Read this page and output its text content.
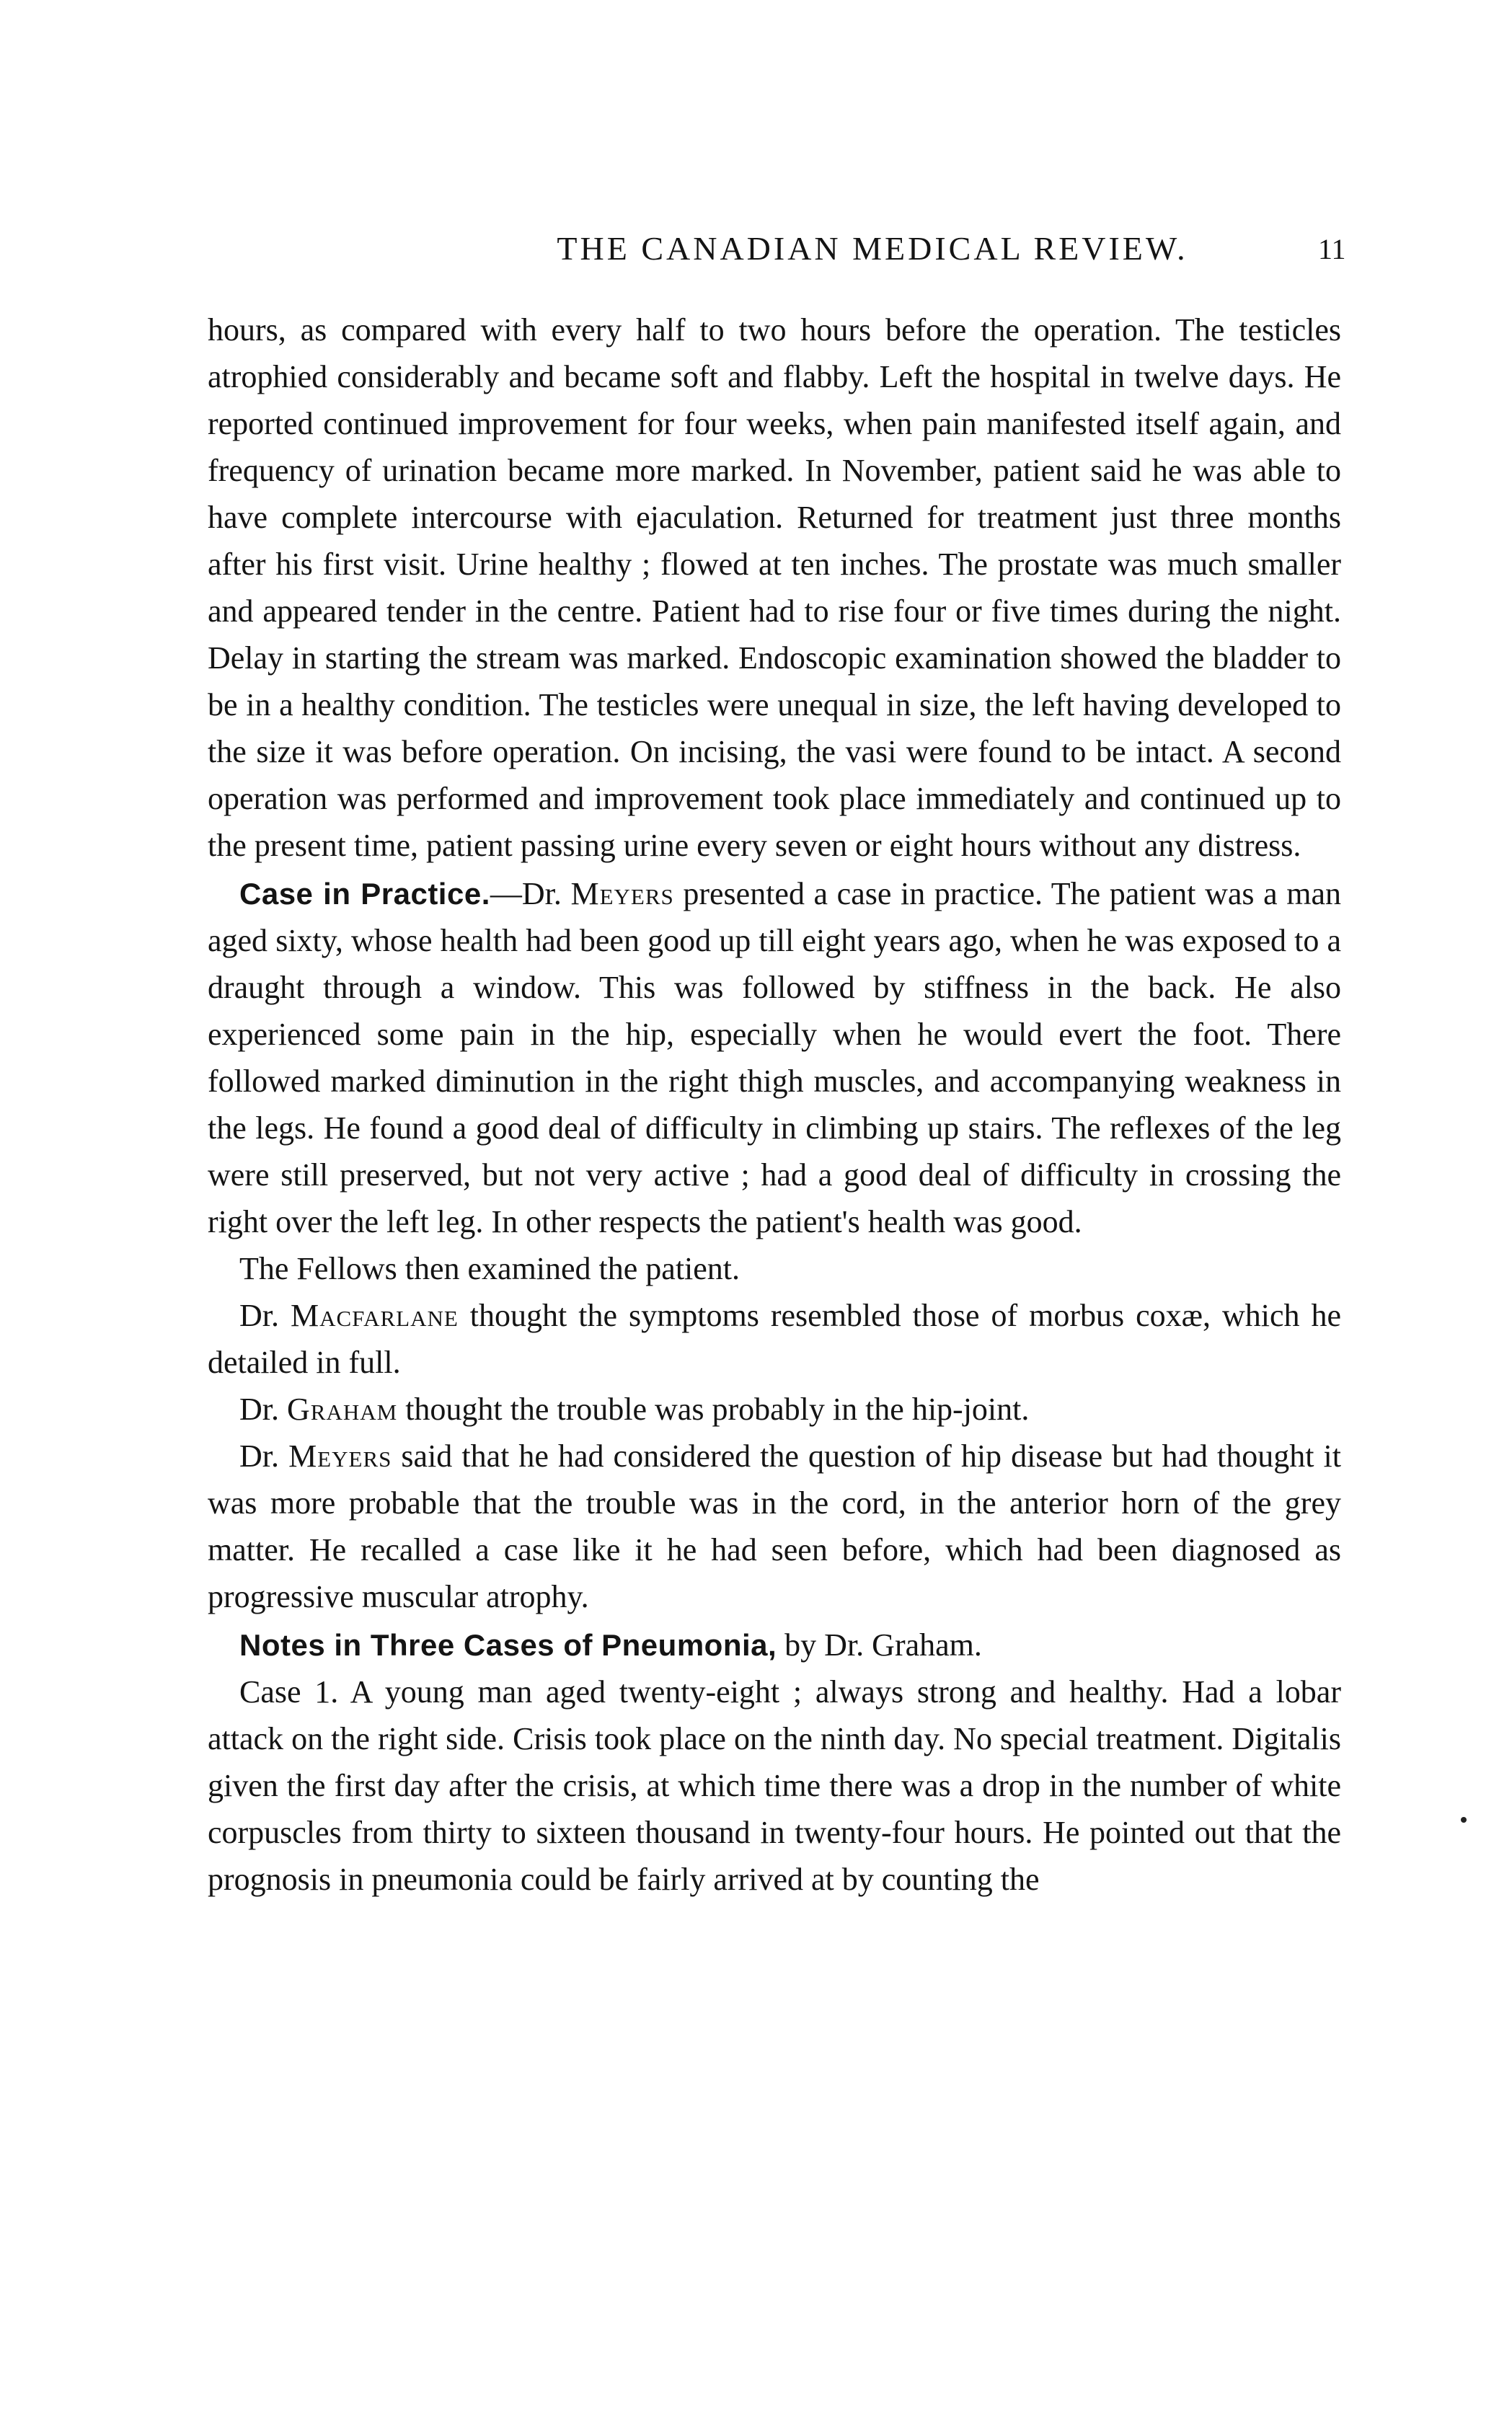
THE CANADIAN MEDICAL REVIEW.	11

hours, as compared with every half to two hours before the operation. The testicles atrophied considerably and became soft and flabby. Left the hospital in twelve days. He reported continued improvement for four weeks, when pain manifested itself again, and frequency of urination became more marked. In November, patient said he was able to have complete intercourse with ejaculation. Returned for treatment just three months after his first visit. Urine healthy ; flowed at ten inches. The prostate was much smaller and appeared tender in the centre. Patient had to rise four or five times during the night. Delay in starting the stream was marked. Endoscopic examination showed the bladder to be in a healthy condition. The testicles were unequal in size, the left having developed to the size it was before operation. On incising, the vasi were found to be intact. A second operation was performed and improvement took place immediately and continued up to the present time, patient passing urine every seven or eight hours without any distress.

Case in Practice.—Dr. Meyers presented a case in practice. The patient was a man aged sixty, whose health had been good up till eight years ago, when he was exposed to a draught through a window. This was followed by stiffness in the back. He also experienced some pain in the hip, especially when he would evert the foot. There followed marked diminution in the right thigh muscles, and accompanying weakness in the legs. He found a good deal of difficulty in climbing up stairs. The reflexes of the leg were still preserved, but not very active ; had a good deal of difficulty in crossing the right over the left leg. In other respects the patient's health was good.

The Fellows then examined the patient.

Dr. Macfarlane thought the symptoms resembled those of morbus coxæ, which he detailed in full.

Dr. Graham thought the trouble was probably in the hip-joint.

Dr. Meyers said that he had considered the question of hip disease but had thought it was more probable that the trouble was in the cord, in the anterior horn of the grey matter. He recalled a case like it he had seen before, which had been diagnosed as progressive muscular atrophy.

Notes in Three Cases of Pneumonia, by Dr. Graham.

Case 1. A young man aged twenty-eight ; always strong and healthy. Had a lobar attack on the right side. Crisis took place on the ninth day. No special treatment. Digitalis given the first day after the crisis, at which time there was a drop in the number of white corpuscles from thirty to sixteen thousand in twenty-four hours. He pointed out that the prognosis in pneumonia could be fairly arrived at by counting the
